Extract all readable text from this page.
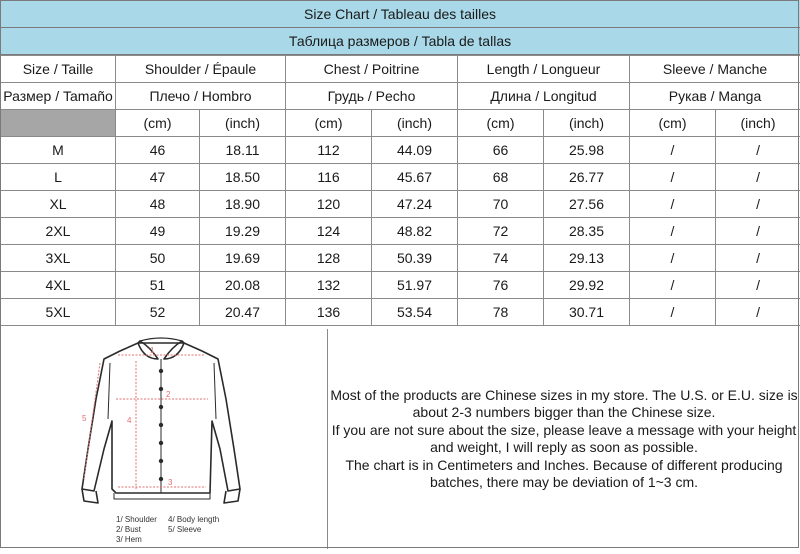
Size Chart / Tableau des tailles
Таблица размеров / Tabla de tallas
Size / Taille	Shoulder / Épaule		Chest / Poitrine		Length / Longueur		Sleeve / Manche	
Размер / Tamaño	Плечо / Hombro		Грудь / Pecho		Длина / Longitud		Рукав / Manga	
	(cm)	(inch)	(cm)	(inch)	(cm)	(inch)	(cm)	(inch)
M	46	18.11	112	44.09	66	25.98	/	/
L	47	18.50	116	45.67	68	26.77	/	/
XL	48	18.90	120	47.24	70	27.56	/	/
2XL	49	19.29	124	48.82	72	28.35	/	/
3XL	50	19.69	128	50.39	74	29.13	/	/
4XL	51	20.08	132	51.97	76	29.92	/	/
5XL	52	20.47	136	53.54	78	30.71	/	/
1
2
3
4
5
1/ Shoulder
2/ Bust
3/ Hem
4/ Body length
5/ Sleeve
Most of the products are Chinese sizes in my store. The U.S. or E.U. size is
about 2-3 numbers bigger than the Chinese size.
If you are not sure about the size, please leave a message with your height
and weight, I will reply as soon as possible.
The chart is in Centimeters and Inches. Because of different producing
batches, there may be deviation of 1~3 cm.
